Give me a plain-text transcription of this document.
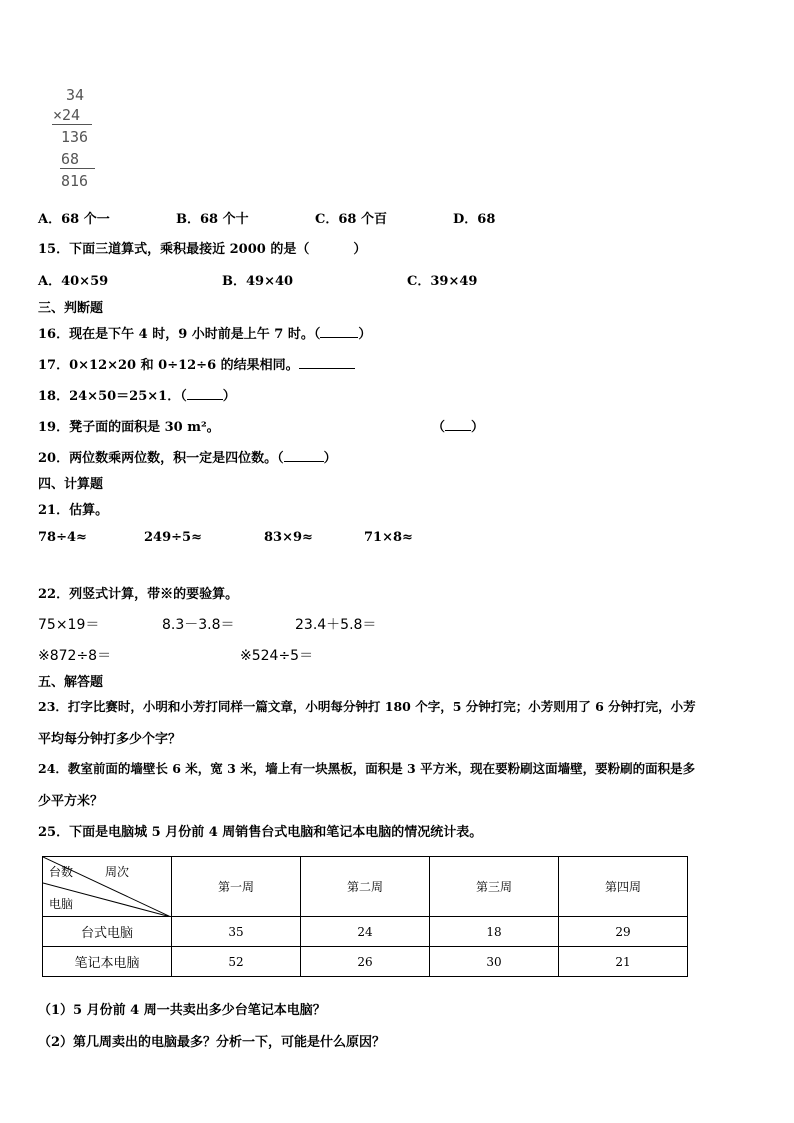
34
×24
136
68
816
A．68 个一	B．68 个十	C．68 个百	D．68
15．下面三道算式，乘积最接近 2000 的是（	）
A．40×59	B．49×40	C．39×49
三、判断题
16．现在是下午 4 时，9 小时前是上午 7 时。（	）
17．0×12×20 和 0÷12÷6 的结果相同。
18．24×50＝25×1．（	）
19．凳子面的面积是 30 m²。	（ ）
20．两位数乘两位数，积一定是四位数。（	）
四、计算题
21．估算。
78÷4≈	249÷5≈	83×9≈	71×8≈
22．列竖式计算，带※的要验算。
75×19＝	8.3－3.8＝	23.4＋5.8＝
※872÷8＝	※524÷5＝
五、解答题
23．打字比赛时，小明和小芳打同样一篇文章，小明每分钟打 180 个字，5 分钟打完；小芳则用了 6 分钟打完，小芳
平均每分钟打多少个字？
24．教室前面的墙壁长 6 米，宽 3 米，墙上有一块黑板，面积是 3 平方米，现在要粉刷这面墙壁，要粉刷的面积是多
少平方米？
25．下面是电脑城 5 月份前 4 周销售台式电脑和笔记本电脑的情况统计表。
台数 周次
电脑	第一周	第二周	第三周	第四周
台式电脑	35	24	18	29
笔记本电脑	52	26	30	21
（1）5 月份前 4 周一共卖出多少台笔记本电脑？
（2）第几周卖出的电脑最多？分析一下，可能是什么原因？
